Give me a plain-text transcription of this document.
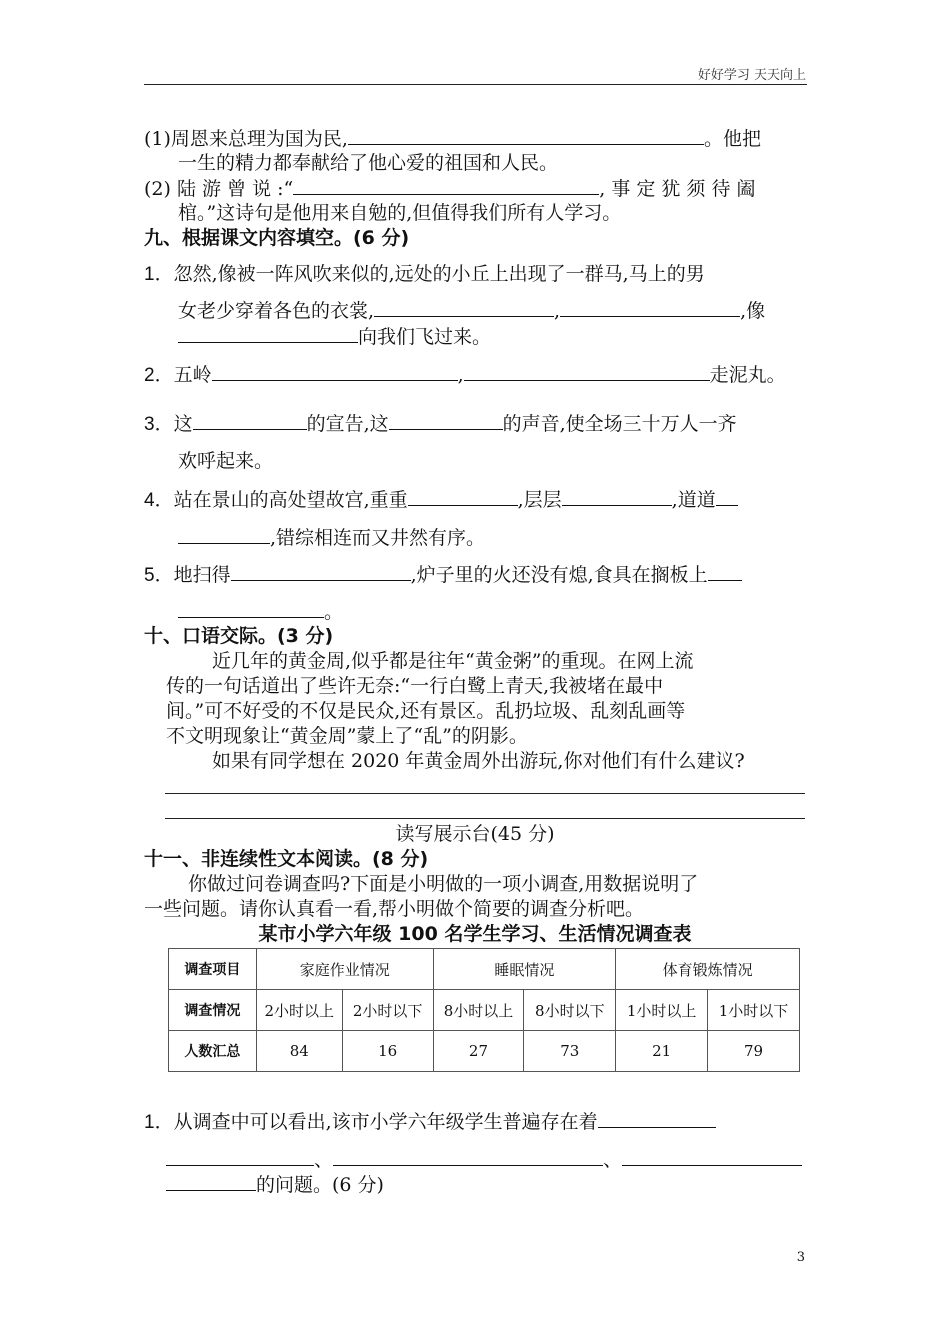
好好学习 天天向上
(1)周恩来总理为国为民,	。他把
一生的精力都奉献给了他心爱的祖国和人民。
(2) 陆 游 曾 说 :“	, 事 定 犹 须 待 阖
棺。”这诗句是他用来自勉的,但值得我们所有人学习。
九、根据课文内容填空。(6 分)
1．忽然,像被一阵风吹来似的,远处的小丘上出现了一群马,马上的男
女老少穿着各色的衣裳,	,	,像
向我们飞过来。
2．五岭	,	走泥丸。
3．这	的宣告,这	的声音,使全场三十万人一齐
欢呼起来。
4．站在景山的高处望故宫,重重	,层层	,道道
,错综相连而又井然有序。
5．地扫得	,炉子里的火还没有熄,食具在搁板上
。
十、口语交际。(3 分)
近几年的黄金周,似乎都是往年“黄金粥”的重现。在网上流
传的一句话道出了些许无奈:“一行白鹭上青天,我被堵在最中
间。”可不好受的不仅是民众,还有景区。乱扔垃圾、乱刻乱画等
不文明现象让“黄金周”蒙上了“乱”的阴影。
如果有同学想在 2020 年黄金周外出游玩,你对他们有什么建议?
读写展示台(45 分)
十一、非连续性文本阅读。(8 分)
你做过问卷调查吗?下面是小明做的一项小调查,用数据说明了
一些问题。请你认真看一看,帮小明做个简要的调查分析吧。
某市小学六年级 100 名学生学习、生活情况调查表
调查项目	家庭作业情况		睡眠情况		体育锻炼情况	
调查情况	2小时以上	2小时以下	8小时以上	8小时以下	1小时以上	1小时以下
人数汇总	84	16	27	73	21	79
1．从调查中可以看出,该市小学六年级学生普遍存在着
、	、
的问题。(6 分)
3
